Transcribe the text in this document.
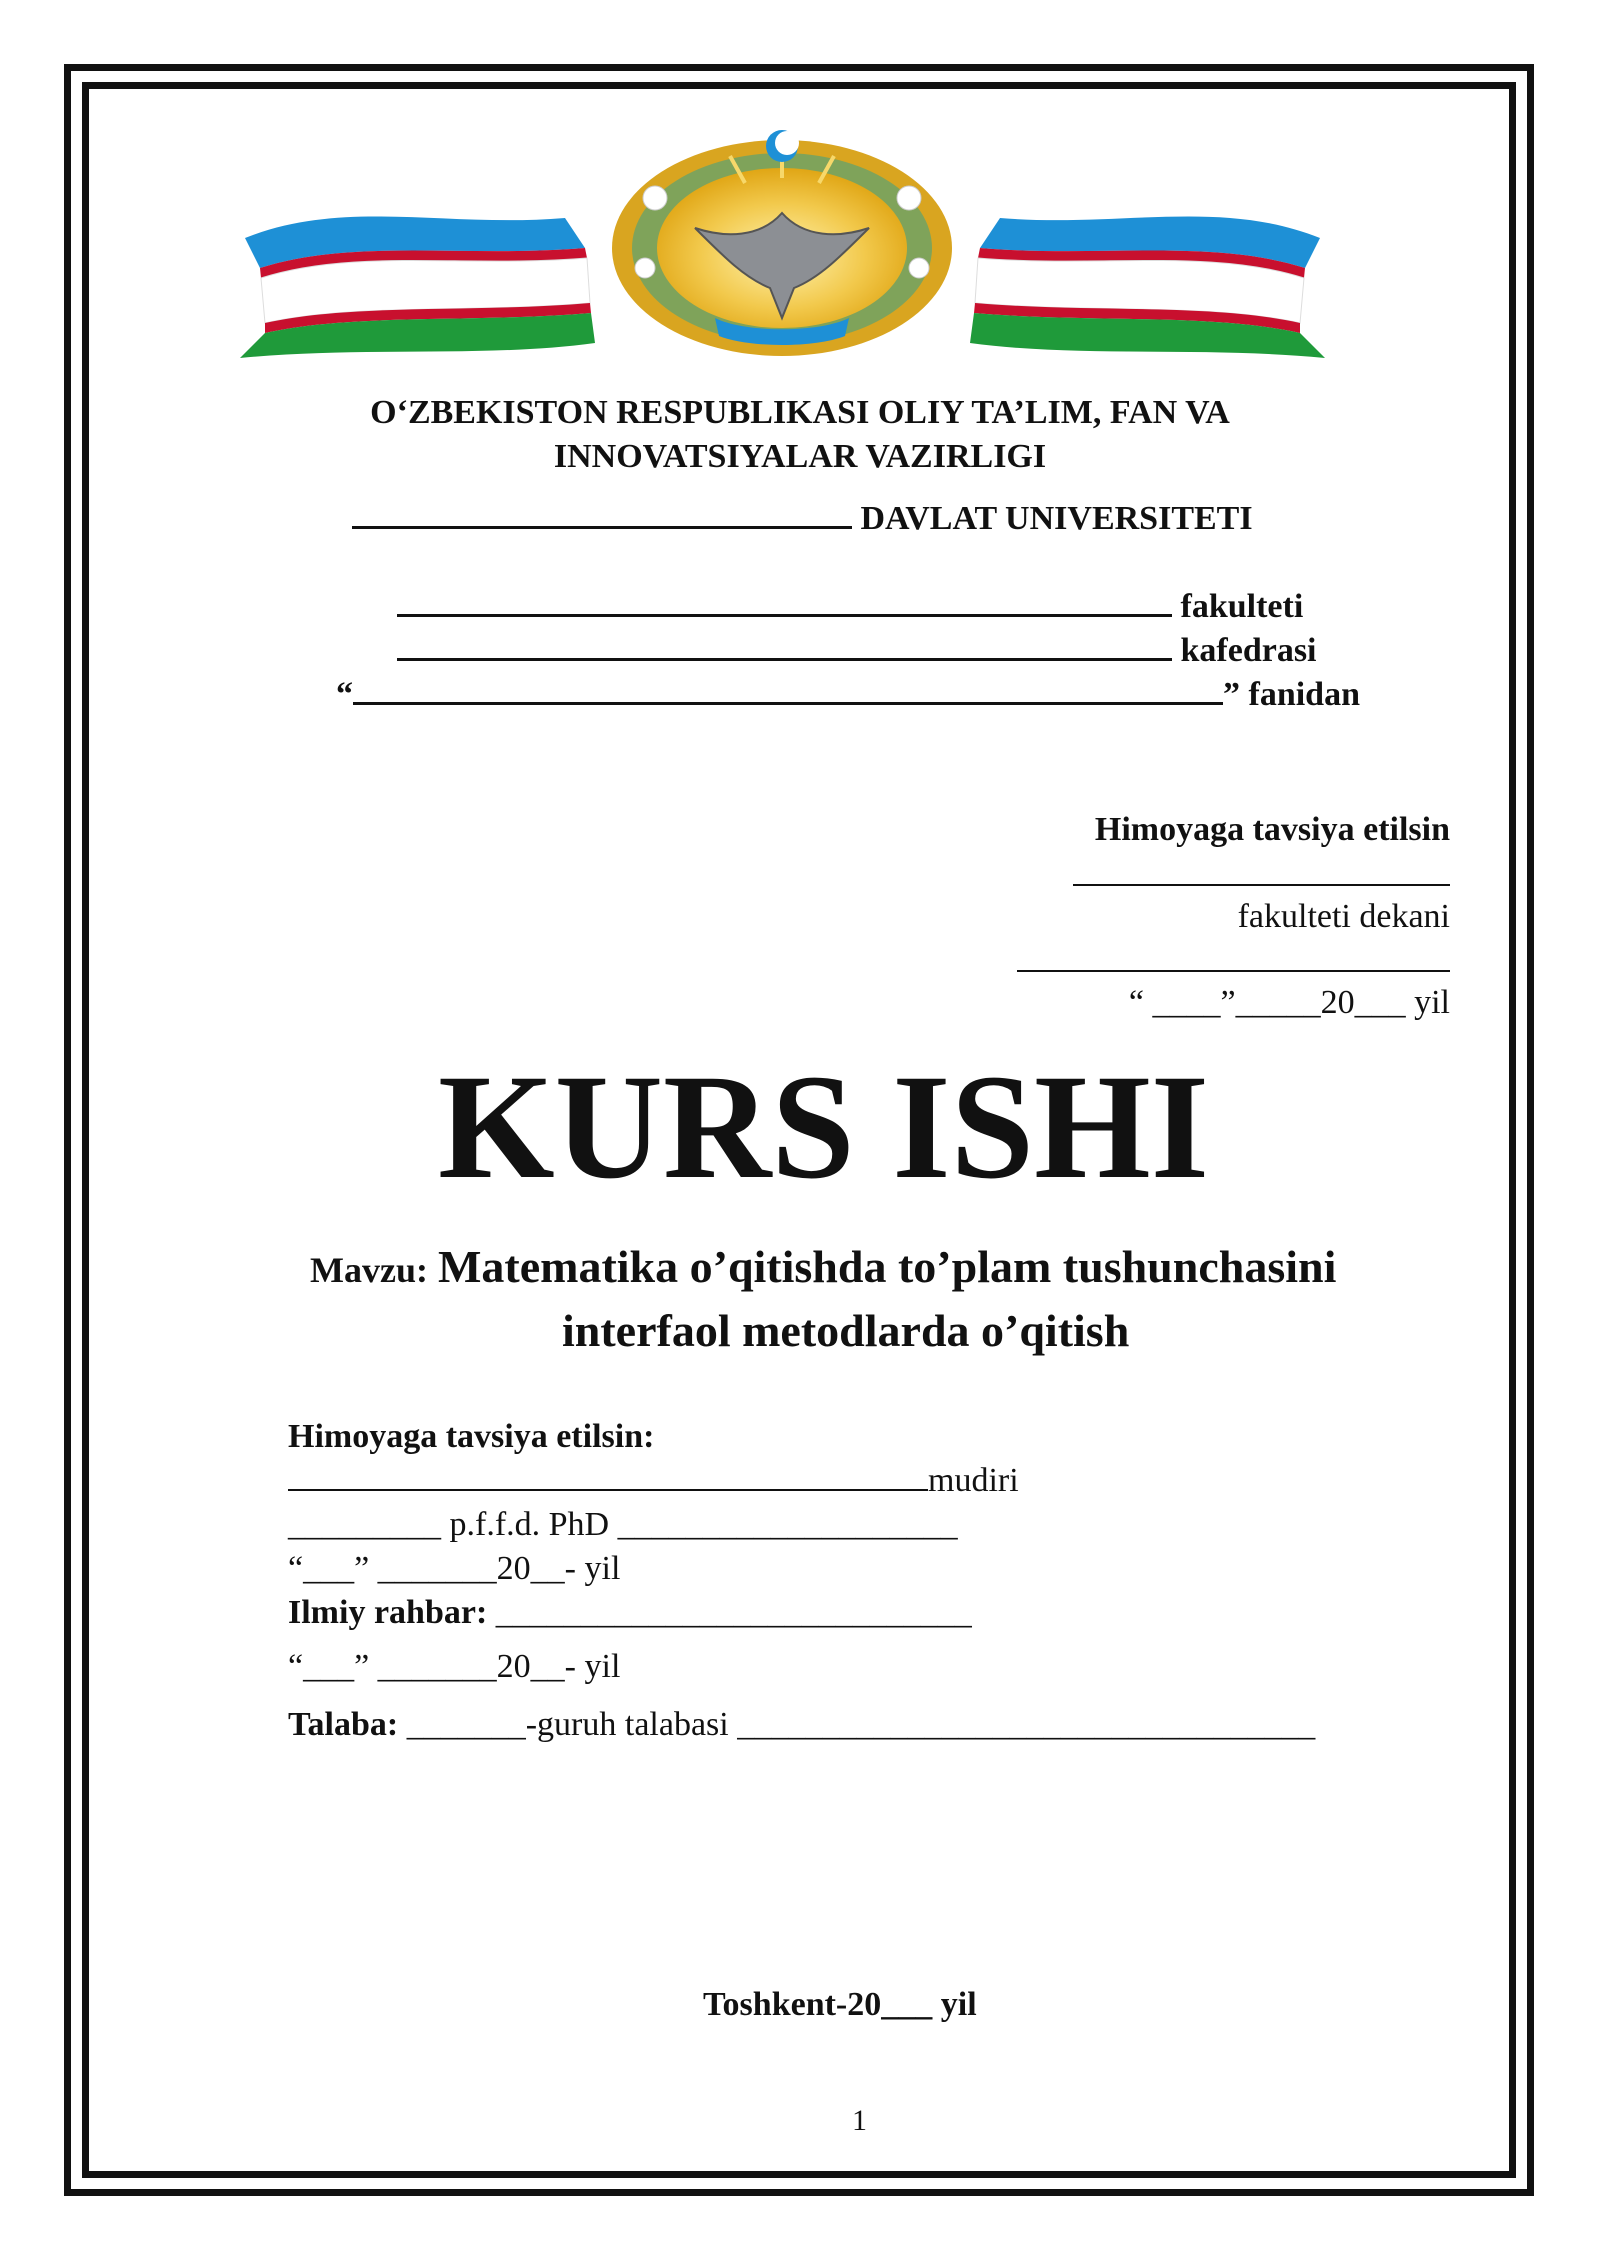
O‘ZBEKISTON RESPUBLIKASI OLIY TA’LIM, FAN VA
INNOVATSIYALAR VAZIRLIGI
DAVLAT UNIVERSITETI
fakulteti
kafedrasi
“	” fanidan
Himoyaga tavsiya etilsin
fakulteti dekani
“ ____”_____20___ yil
KURS ISHI
Mavzu: Matematika o’qitishda to’plam tushunchasini
interfaol metodlarda o’qitish
Himoyaga tavsiya etilsin:
mudiri
_________ p.f.f.d. PhD ____________________
“___” _______20__- yil
Ilmiy rahbar: ____________________________
“___” _______20__- yil
Talaba: _______-guruh talabasi __________________________________
Toshkent-20___ yil
1
